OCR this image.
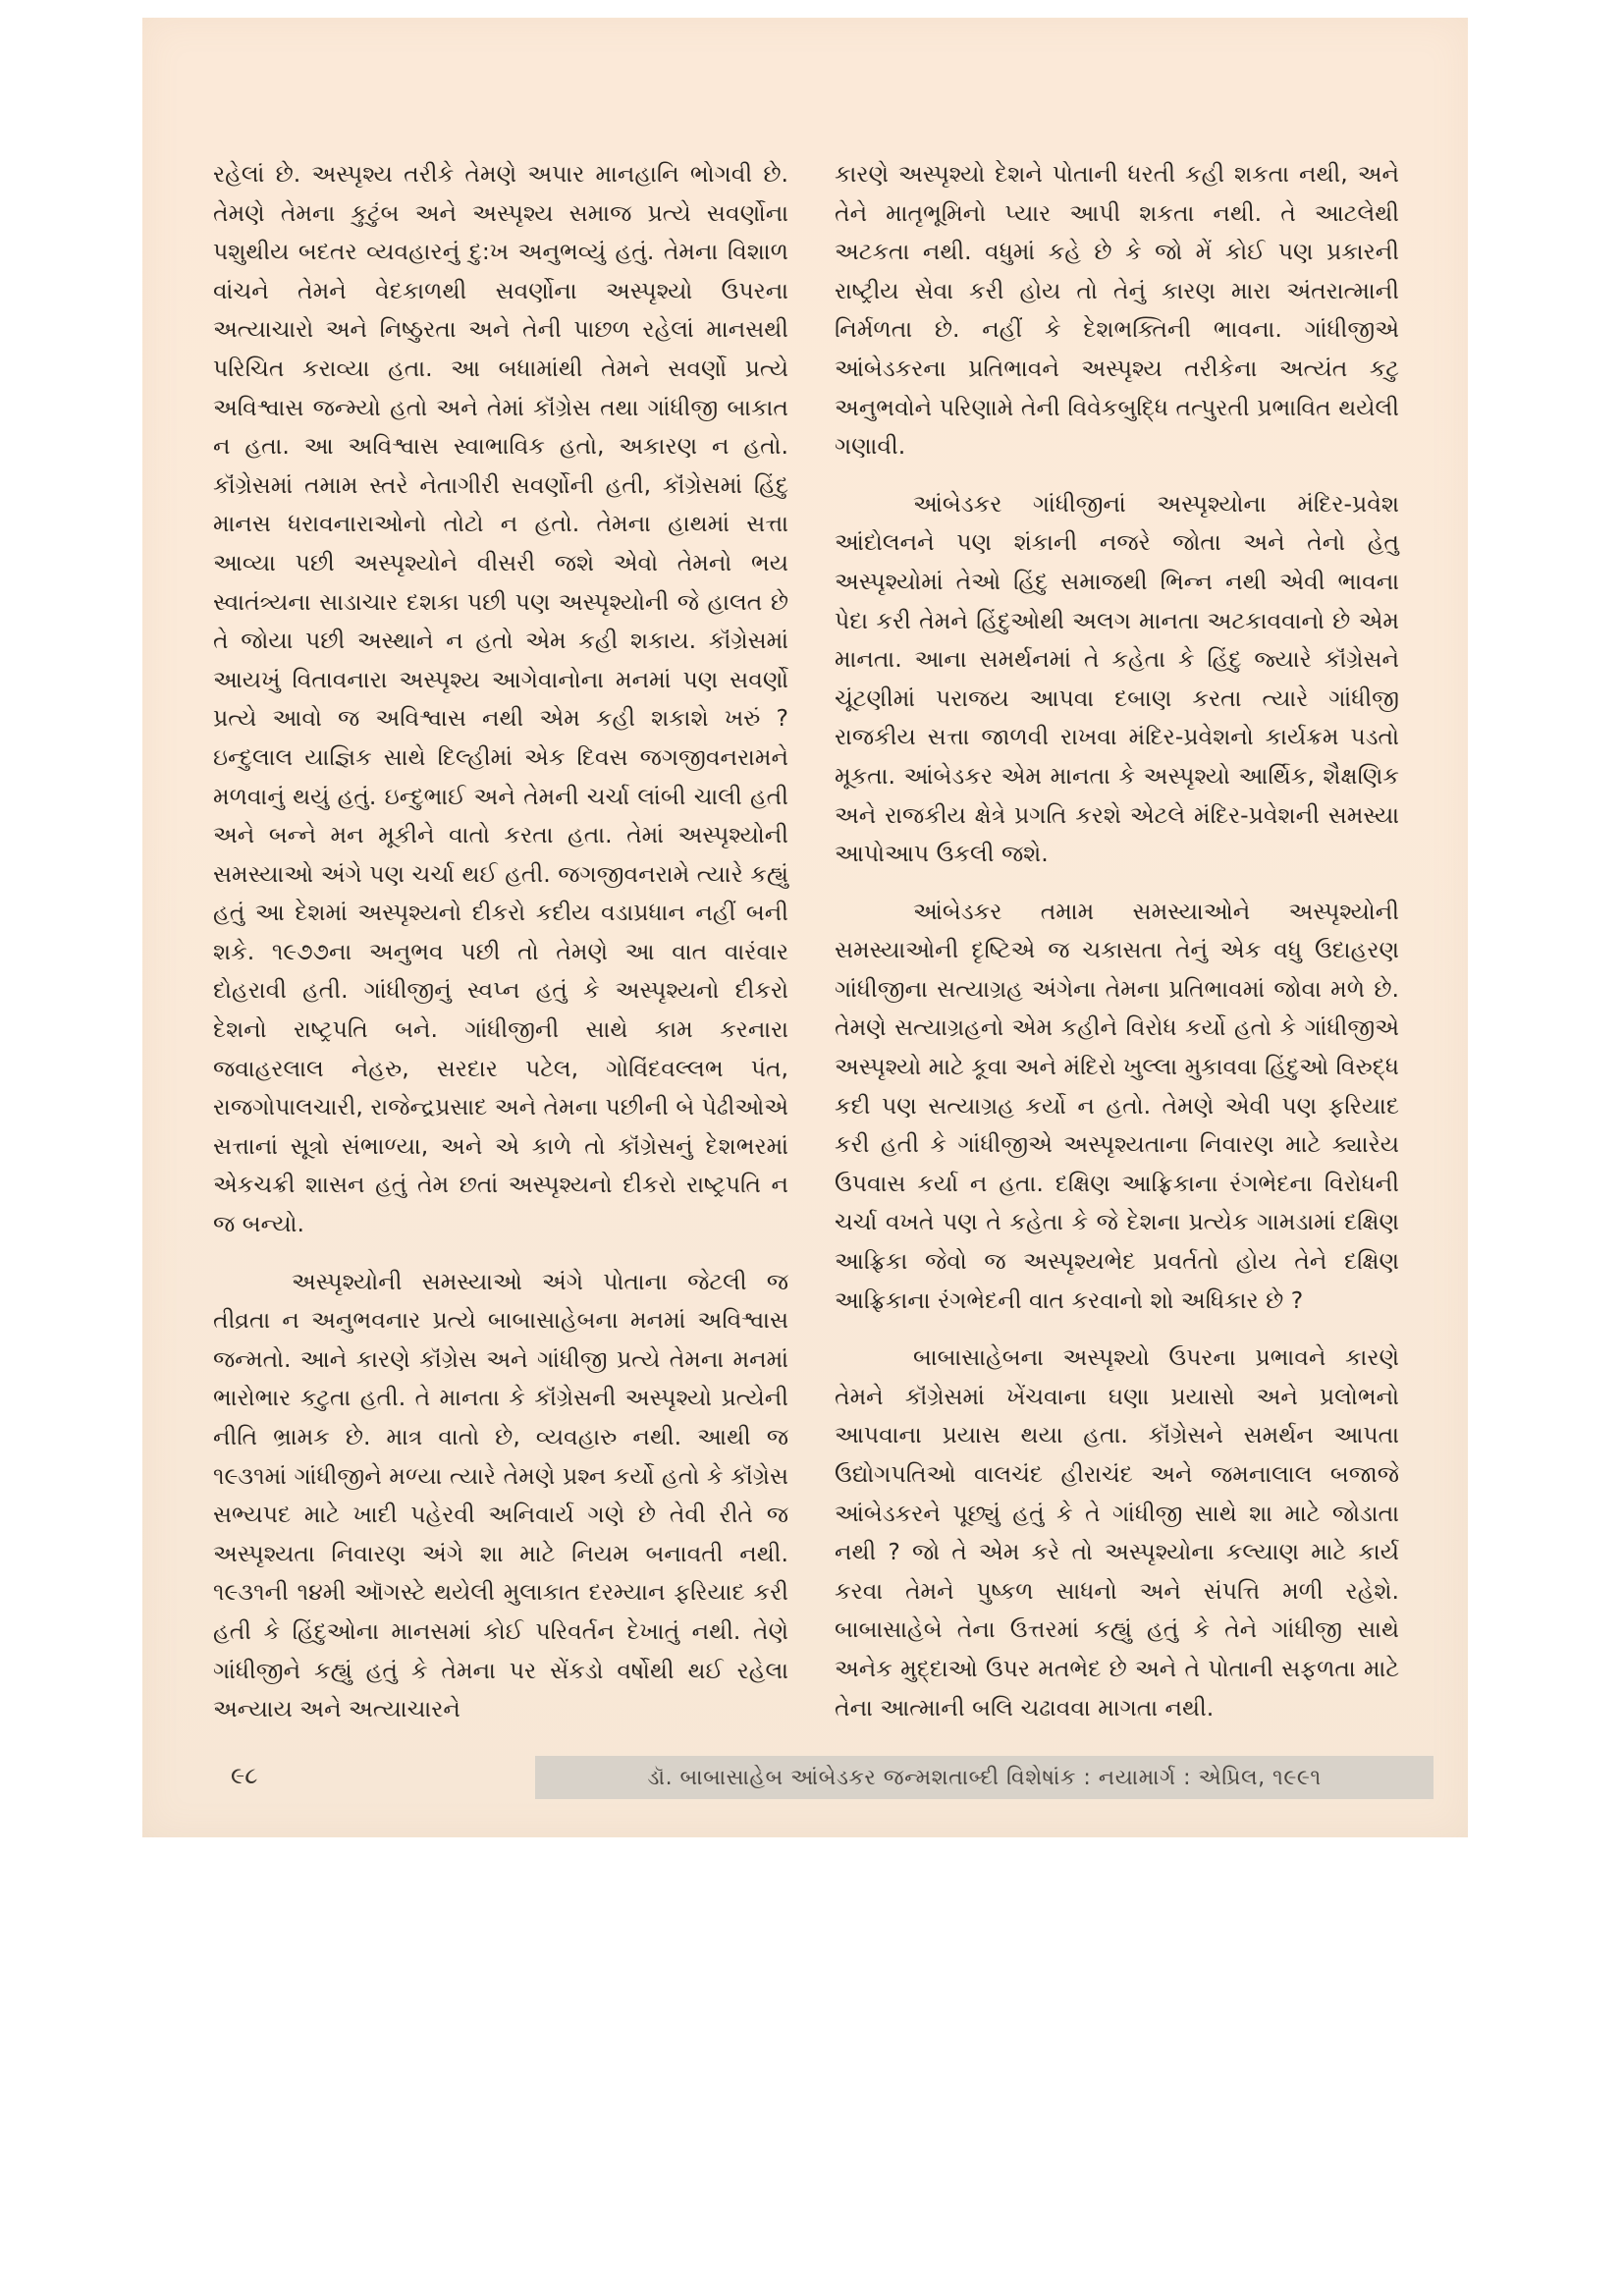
રહેલાં છે. અસ્પૃશ્ય તરીકે તેમણે અપાર માનહાનિ ભોગવી છે. તેમણે તેમના કુટુંબ અને અસ્પૃશ્ય સમાજ પ્રત્યે સવર્ણોના પશુથીય બદતર વ્યવહારનું દુ:ખ અનુભવ્યું હતું. તેમના વિશાળ વાંચને તેમને વેદકાળથી સવર્ણોના અસ્પૃશ્યો ઉપરના અત્યાચારો અને નિષ્ઠુરતા અને તેની પાછળ રહેલાં માનસથી પરિચિત કરાવ્યા હતા. આ બધામાંથી તેમને સવર્ણો પ્રત્યે અવિશ્વાસ જન્મ્યો હતો અને તેમાં કૉંગ્રેસ તથા ગાંધીજી બાકાત ન હતા. આ અવિશ્વાસ સ્વાભાવિક હતો, અકારણ ન હતો. કૉંગ્રેસમાં તમામ સ્તરે નેતાગીરી સવર્ણોની હતી, કૉંગ્રેસમાં હિંદુ માનસ ધરાવનારાઓનો તોટો ન હતો. તેમના હાથમાં સત્તા આવ્યા પછી અસ્પૃશ્યોને વીસરી જશે એવો તેમનો ભય સ્વાતંત્ર્યના સાડાચાર દશકા પછી પણ અસ્પૃશ્યોની જે હાલત છે તે જોયા પછી અસ્થાને ન હતો એમ કહી શકાય. કૉંગ્રેસમાં આયખું વિતાવનારા અસ્પૃશ્ય આગેવાનોના મનમાં પણ સવર્ણો પ્રત્યે આવો જ અવિશ્વાસ નથી એમ કહી શકાશે ખરું ? ઇન્દુલાલ યાજ્ઞિક સાથે દિલ્હીમાં એક દિવસ જગજીવનરામને મળવાનું થયું હતું. ઇન્દુભાઈ અને તેમની ચર્ચા લાંબી ચાલી હતી અને બન્ને મન મૂકીને વાતો કરતા હતા. તેમાં અસ્પૃશ્યોની સમસ્યાઓ અંગે પણ ચર્ચા થઈ હતી. જગજીવનરામે ત્યારે કહ્યું હતું આ દેશમાં અસ્પૃશ્યનો દીકરો કદીય વડાપ્રધાન નહીં બની શકે. ૧૯૭૭ના અનુભવ પછી તો તેમણે આ વાત વારંવાર દોહરાવી હતી. ગાંધીજીનું સ્વપ્ન હતું કે અસ્પૃશ્યનો દીકરો દેશનો રાષ્ટ્રપતિ બને. ગાંધીજીની સાથે કામ કરનારા જવાહરલાલ નેહરુ, સરદાર પટેલ, ગોવિંદવલ્લભ પંત, રાજગોપાલચારી, રાજેન્દ્રપ્રસાદ અને તેમના પછીની બે પેઢીઓએ સત્તાનાં સૂત્રો સંભાળ્યા, અને એ કાળે તો કૉંગ્રેસનું દેશભરમાં એકચક્રી શાસન હતું તેમ છતાં અસ્પૃશ્યનો દીકરો રાષ્ટ્રપતિ ન જ બન્યો.

અસ્પૃશ્યોની સમસ્યાઓ અંગે પોતાના જેટલી જ તીવ્રતા ન અનુભવનાર પ્રત્યે બાબાસાહેબના મનમાં અવિશ્વાસ જન્મતો. આને કારણે કૉંગ્રેસ અને ગાંધીજી પ્રત્યે તેમના મનમાં ભારોભાર કટુતા હતી. તે માનતા કે કૉંગ્રેસની અસ્પૃશ્યો પ્રત્યેની નીતિ ભ્રામક છે. માત્ર વાતો છે, વ્યવહારુ નથી. આથી જ ૧૯૩૧માં ગાંધીજીને મળ્યા ત્યારે તેમણે પ્રશ્ન કર્યો હતો કે કૉંગ્રેસ સભ્યપદ માટે ખાદી પહેરવી અનિવાર્ય ગણે છે તેવી રીતે જ અસ્પૃશ્યતા નિવારણ અંગે શા માટે નિયમ બનાવતી નથી. ૧૯૩૧ની ૧૪મી ઑગસ્ટે થયેલી મુલાકાત દરમ્યાન ફરિયાદ કરી હતી કે હિંદુઓના માનસમાં કોઈ પરિવર્તન દેખાતું નથી. તેણે ગાંધીજીને કહ્યું હતું કે તેમના પર સેંકડો વર્ષોથી થઈ રહેલા અન્યાય અને અત્યાચારને

કારણે અસ્પૃશ્યો દેશને પોતાની ધરતી કહી શકતા નથી, અને તેને માતૃભૂમિનો પ્યાર આપી શકતા નથી. તે આટલેથી અટકતા નથી. વધુમાં કહે છે કે જો મેં કોઈ પણ પ્રકારની રાષ્ટ્રીય સેવા કરી હોય તો તેનું કારણ મારા અંતરાત્માની નિર્મળતા છે. નહીં કે દેશભક્તિની ભાવના. ગાંધીજીએ આંબેડકરના પ્રતિભાવને અસ્પૃશ્ય તરીકેના અત્યંત કટુ અનુભવોને પરિણામે તેની વિવેકબુદ્ધિ તત્પુરતી પ્રભાવિત થયેલી ગણાવી.

આંબેડકર ગાંધીજીનાં અસ્પૃશ્યોના મંદિર-પ્રવેશ આંદોલનને પણ શંકાની નજરે જોતા અને તેનો હેતુ અસ્પૃશ્યોમાં તેઓ હિંદુ સમાજથી ભિન્ન નથી એવી ભાવના પેદા કરી તેમને હિંદુઓથી અલગ માનતા અટકાવવાનો છે એમ માનતા. આના સમર્થનમાં તે કહેતા કે હિંદુ જ્યારે કૉંગ્રેસને ચૂંટણીમાં પરાજય આપવા દબાણ કરતા ત્યારે ગાંધીજી રાજકીય સત્તા જાળવી રાખવા મંદિર-પ્રવેશનો કાર્યક્રમ પડતો મૂકતા. આંબેડકર એમ માનતા કે અસ્પૃશ્યો આર્થિક, શૈક્ષણિક અને રાજકીય ક્ષેત્રે પ્રગતિ કરશે એટલે મંદિર-પ્રવેશની સમસ્યા આપોઆપ ઉકલી જશે.

આંબેડકર તમામ સમસ્યાઓને અસ્પૃશ્યોની સમસ્યાઓની દૃષ્ટિએ જ ચકાસતા તેનું એક વધુ ઉદાહરણ ગાંધીજીના સત્યાગ્રહ અંગેના તેમના પ્રતિભાવમાં જોવા મળે છે. તેમણે સત્યાગ્રહનો એમ કહીને વિરોધ કર્યો હતો કે ગાંધીજીએ અસ્પૃશ્યો માટે કૂવા અને મંદિરો ખુલ્લા મુકાવવા હિંદુઓ વિરુદ્ધ કદી પણ સત્યાગ્રહ કર્યો ન હતો. તેમણે એવી પણ ફરિયાદ કરી હતી કે ગાંધીજીએ અસ્પૃશ્યતાના નિવારણ માટે ક્યારેય ઉપવાસ કર્યા ન હતા. દક્ષિણ આફ્રિકાના રંગભેદના વિરોધની ચર્ચા વખતે પણ તે કહેતા કે જે દેશના પ્રત્યેક ગામડામાં દક્ષિણ આફ્રિકા જેવો જ અસ્પૃશ્યભેદ પ્રવર્તતો હોય તેને દક્ષિણ આફ્રિકાના રંગભેદની વાત કરવાનો શો અધિકાર છે ?

બાબાસાહેબના અસ્પૃશ્યો ઉપરના પ્રભાવને કારણે તેમને કૉંગ્રેસમાં ખેંચવાના ઘણા પ્રયાસો અને પ્રલોભનો આપવાના પ્રયાસ થયા હતા. કૉંગ્રેસને સમર્થન આપતા ઉદ્યોગપતિઓ વાલચંદ હીરાચંદ અને જમનાલાલ બજાજે આંબેડકરને પૂછ્યું હતું કે તે ગાંધીજી સાથે શા માટે જોડાતા નથી ? જો તે એમ કરે તો અસ્પૃશ્યોના કલ્યાણ માટે કાર્ય કરવા તેમને પુષ્કળ સાધનો અને સંપત્તિ મળી રહેશે. બાબાસાહેબે તેના ઉત્તરમાં કહ્યું હતું કે તેને ગાંધીજી સાથે અનેક મુદ્દાઓ ઉપર મતભેદ છે અને તે પોતાની સફળતા માટે તેના આત્માની બલિ ચઢાવવા માગતા નથી.

૯૮	ડૉ. બાબાસાહેબ આંબેડકર જન્મશતાબ્દી વિશેષાંક : નયામાર્ગ : એપ્રિલ, ૧૯૯૧
